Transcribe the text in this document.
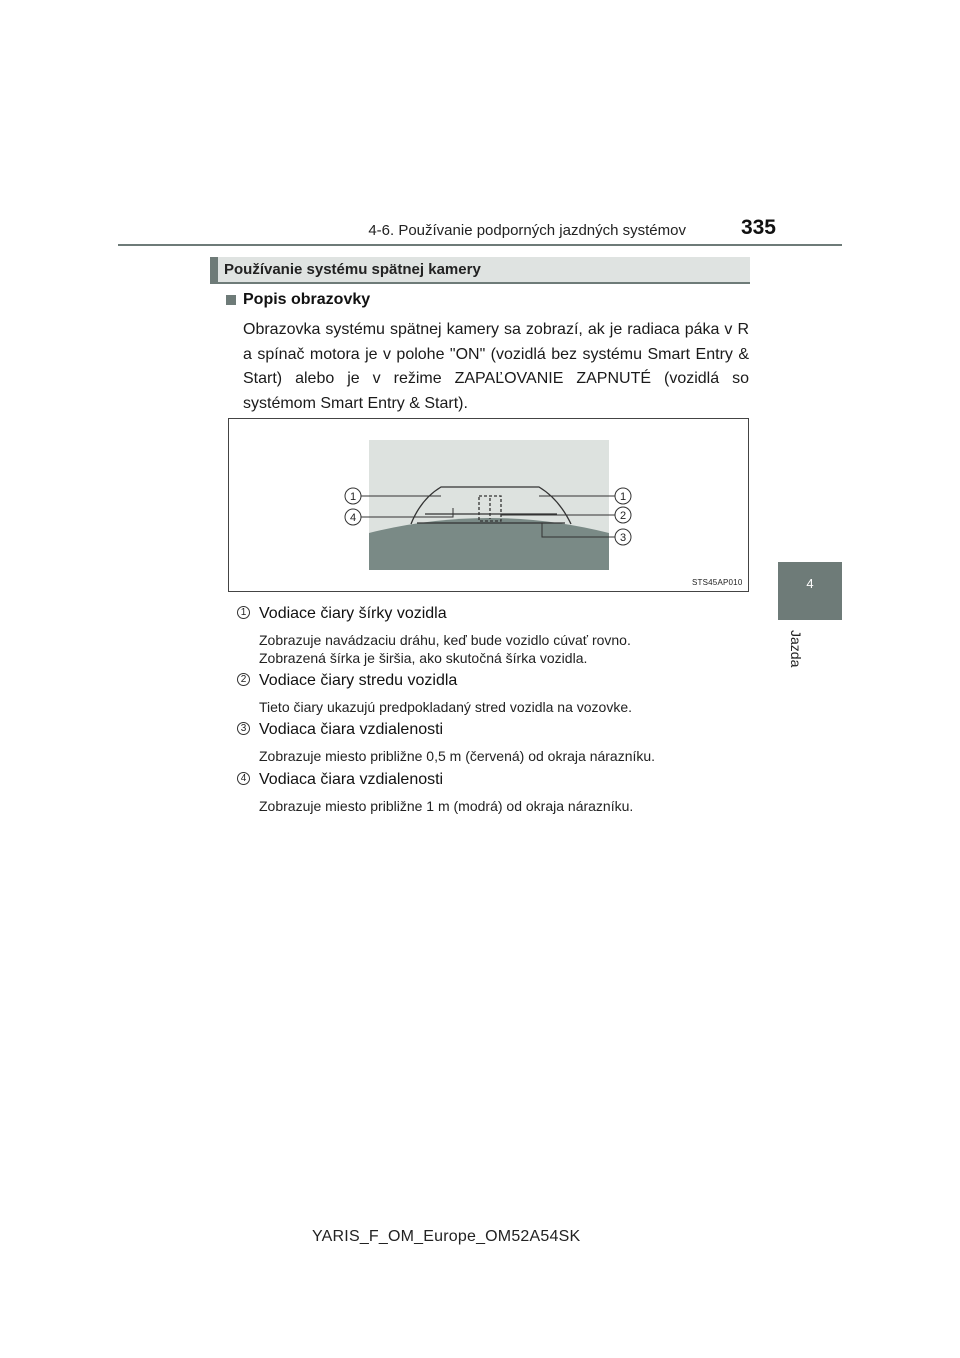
4-6. Používanie podporných jazdných systémov	335
4
Jazda
Používanie systému spätnej kamery
Popis obrazovky
Obrazovka systému spätnej kamery sa zobrazí, ak je radiaca páka v R a spínač motora je v polohe "ON" (vozidlá bez systému Smart Entry & Start) alebo je v režime ZAPAĽOVANIE ZAPNUTÉ (vozidlá so systémom Smart Entry & Start).
1	1
2
3
4
STS45AP010
1 Vodiace čiary šírky vozidla
Zobrazuje navádzaciu dráhu, keď bude vozidlo cúvať rovno.
Zobrazená šírka je širšia, ako skutočná šírka vozidla.
2 Vodiace čiary stredu vozidla
Tieto čiary ukazujú predpokladaný stred vozidla na vozovke.
3 Vodiaca čiara vzdialenosti
Zobrazuje miesto približne 0,5 m (červená) od okraja nárazníku.
4 Vodiaca čiara vzdialenosti
Zobrazuje miesto približne 1 m (modrá) od okraja nárazníku.
YARIS_F_OM_Europe_OM52A54SK
